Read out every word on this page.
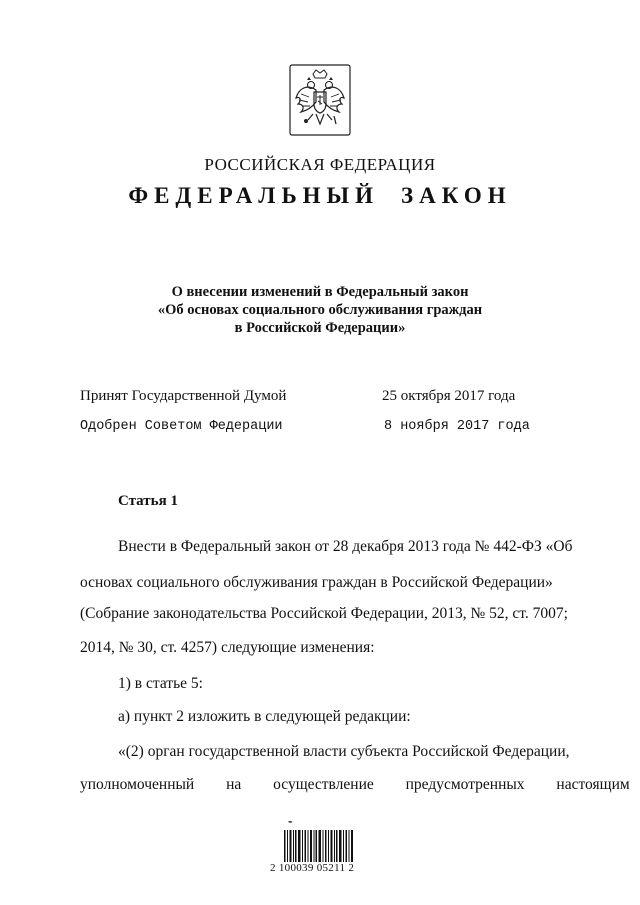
РОССИЙСКАЯ ФЕДЕРАЦИЯ
ФЕДЕРАЛЬНЫЙ ЗАКОН
О внесении изменений в Федеральный закон
«Об основах социального обслуживания граждан
в Российской Федерации»
Принят Государственной Думой	25 октября 2017 года
Одобрен Советом Федерации	8 ноября 2017 года
Статья 1
Внести в Федеральный закон от 28 декабря 2013 года № 442-ФЗ «Об
основах социального обслуживания граждан в Российской Федерации»
(Собрание законодательства Российской Федерации, 2013, № 52, ст. 7007;
2014, № 30, ст. 4257) следующие изменения:
1) в статье 5:
а) пункт 2 изложить в следующей редакции:
«(2) орган государственной власти субъекта Российской Федерации,
уполномоченный на осуществление предусмотренных настоящим
✒
2 100039 05211 2
